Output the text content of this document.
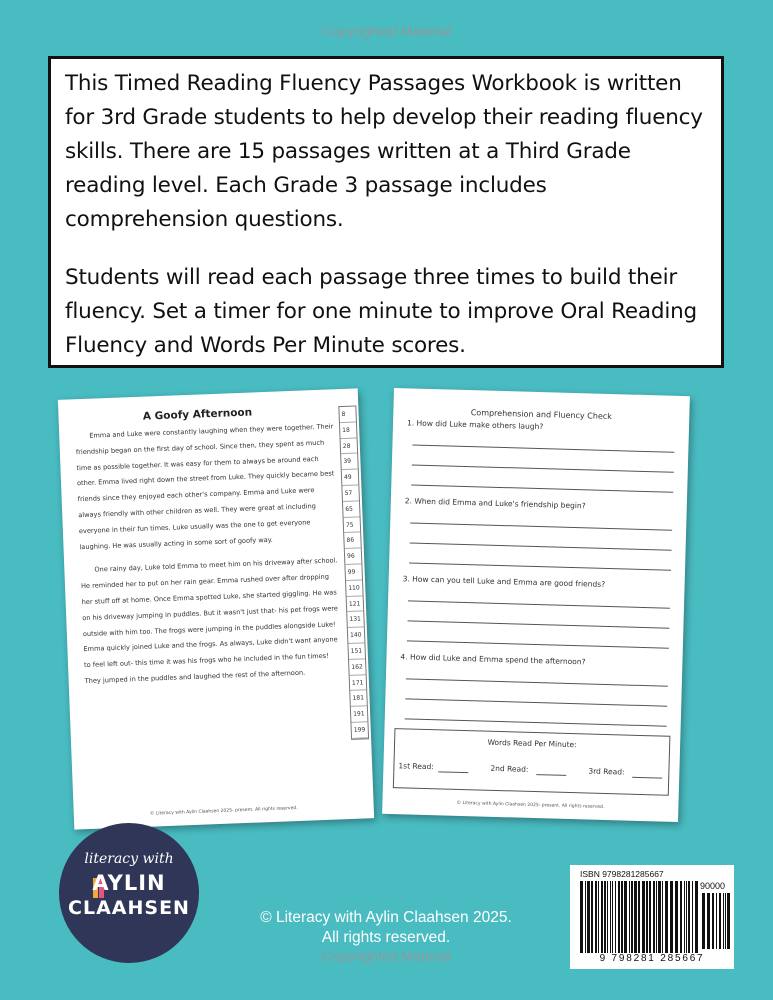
Copyrighted Material

This Timed Reading Fluency Passages Workbook is written for 3rd Grade students to help develop their reading fluency skills. There are 15 passages written at a Third Grade reading level. Each Grade 3 passage includes comprehension questions.

Students will read each passage three times to build their fluency. Set a timer for one minute to improve Oral Reading Fluency and Words Per Minute scores.

A Goofy Afternoon

Emma and Luke were constantly laughing when they were together. Their friendship began on the first day of school. Since then, they spent as much time as possible together. It was easy for them to always be around each other. Emma lived right down the street from Luke. They quickly became best friends since they enjoyed each other's company. Emma and Luke were always friendly with other children as well. They were great at including everyone in their fun times. Luke usually was the one to get everyone laughing. He was usually acting in some sort of goofy way.

One rainy day, Luke told Emma to meet him on his driveway after school. He reminded her to put on her rain gear. Emma rushed over after dropping her stuff off at home. Once Emma spotted Luke, she started giggling. He was on his driveway jumping in puddles. But it wasn't just that- his pet frogs were outside with him too. The frogs were jumping in the puddles alongside Luke! Emma quickly joined Luke and the frogs. As always, Luke didn't want anyone to feel left out- this time it was his frogs who he included in the fun times! They jumped in the puddles and laughed the rest of the afternoon.

8
18
28
39
49
57
65
75
86
96
99
110
121
131
140
151
162
171
181
191
199
© Literacy with Aylin Claahsen 2025- present. All rights reserved.
Comprehension and Fluency Check
1. How did Luke make others laugh?
2. When did Emma and Luke's friendship begin?
3. How can you tell Luke and Emma are good friends?
4. How did Luke and Emma spend the afternoon?
Words Read Per Minute:
1st Read:	2nd Read:	3rd Read:
© Literacy with Aylin Claahsen 2025- present. All rights reserved.
literacy with
AYLIN
CLAAHSEN	© Literacy with Aylin Claahsen 2025.
All rights reserved.
Copyrighted Material
ISBN 9798281285667
90000
9 798281 285667
